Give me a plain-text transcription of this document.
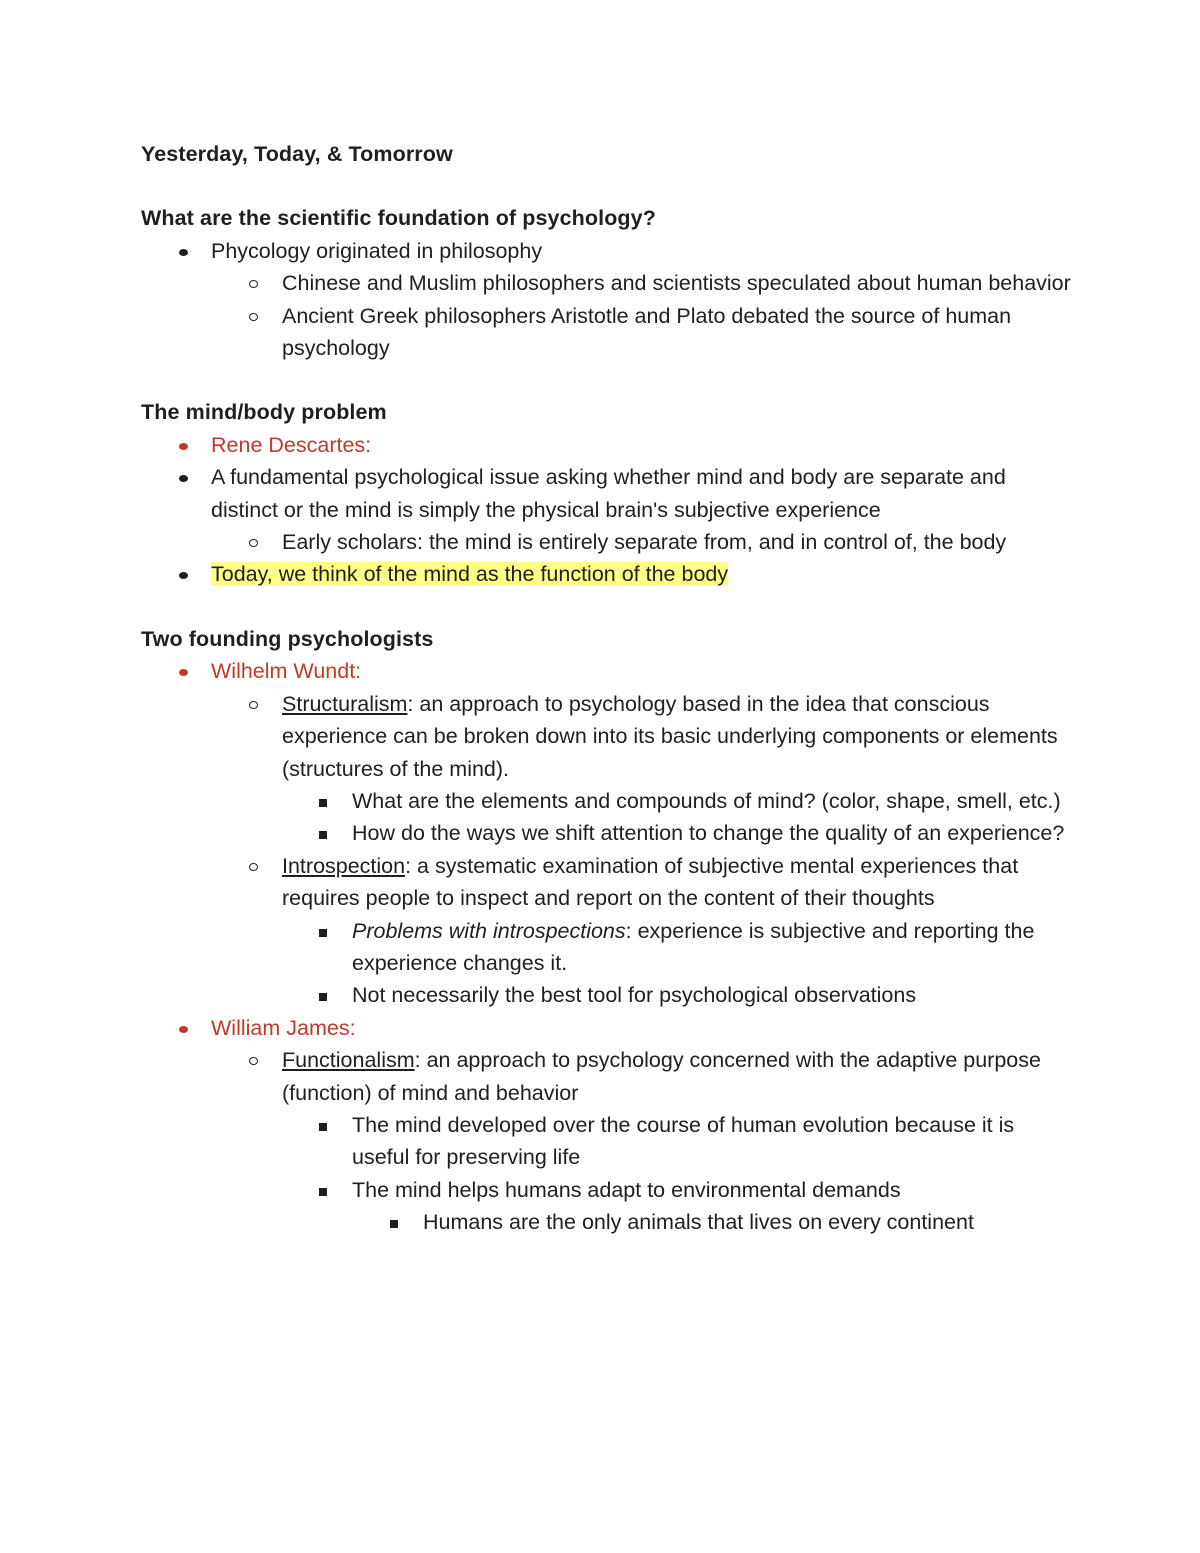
Yesterday, Today, & Tomorrow

What are the scientific foundation of psychology?

Phycology originated in philosophy
Chinese and Muslim philosophers and scientists speculated about human behavior
Ancient Greek philosophers Aristotle and Plato debated the source of human psychology

The mind/body problem

Rene Descartes:
A fundamental psychological issue asking whether mind and body are separate and distinct or the mind is simply the physical brain's subjective experience
Early scholars: the mind is entirely separate from, and in control of, the body
Today, we think of the mind as the function of the body

Two founding psychologists

Wilhelm Wundt:
Structuralism: an approach to psychology based in the idea that conscious experience can be broken down into its basic underlying components or elements (structures of the mind).
What are the elements and compounds of mind? (color, shape, smell, etc.)
How do the ways we shift attention to change the quality of an experience?
Introspection: a systematic examination of subjective mental experiences that requires people to inspect and report on the content of their thoughts
Problems with introspections: experience is subjective and reporting the experience changes it.
Not necessarily the best tool for psychological observations
William James:
Functionalism: an approach to psychology concerned with the adaptive purpose (function) of mind and behavior
The mind developed over the course of human evolution because it is useful for preserving life
The mind helps humans adapt to environmental demands
Humans are the only animals that lives on every continent
